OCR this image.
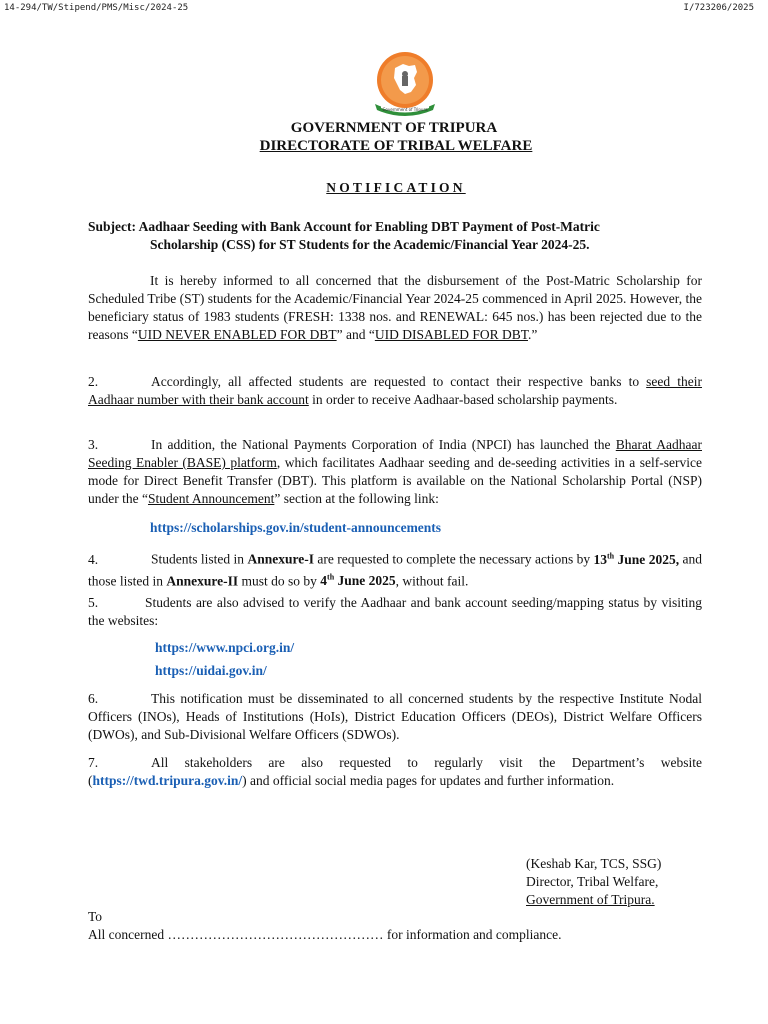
14-294/TW/Stipend/PMS/Misc/2024-25	I/723206/2025
Government of Tripura
GOVERNMENT OF TRIPURA
DIRECTORATE OF TRIBAL WELFARE
NOTIFICATION
Subject: Aadhaar Seeding with Bank Account for Enabling DBT Payment of Post-Matric
Scholarship (CSS) for ST Students for the Academic/Financial Year 2024-25.
It is hereby informed to all concerned that the disbursement of the Post-Matric Scholarship for Scheduled Tribe (ST) students for the Academic/Financial Year 2024-25 commenced in April 2025. However, the beneficiary status of 1983 students (FRESH: 1338 nos. and RENEWAL: 645 nos.) has been rejected due to the reasons “UID NEVER ENABLED FOR DBT” and “UID DISABLED FOR DBT.”
2.	Accordingly, all affected students are requested to contact their respective banks to seed their Aadhaar number with their bank account in order to receive Aadhaar-based scholarship payments.
3.	In addition, the National Payments Corporation of India (NPCI) has launched the Bharat Aadhaar Seeding Enabler (BASE) platform, which facilitates Aadhaar seeding and de-seeding activities in a self-service mode for Direct Benefit Transfer (DBT). This platform is available on the National Scholarship Portal (NSP) under the “Student Announcement” section at the following link:
https://scholarships.gov.in/student-announcements
4.	Students listed in Annexure-I are requested to complete the necessary actions by 13th June 2025, and those listed in Annexure-II must do so by 4th June 2025, without fail.
5.	Students are also advised to verify the Aadhaar and bank account seeding/mapping status by visiting the websites:
https://www.npci.org.in/
https://uidai.gov.in/
6.	This notification must be disseminated to all concerned students by the respective Institute Nodal Officers (INOs), Heads of Institutions (HoIs), District Education Officers (DEOs), District Welfare Officers (DWOs), and Sub-Divisional Welfare Officers (SDWOs).
7.	All stakeholders are also requested to regularly visit the Department’s website (https://twd.tripura.gov.in/) and official social media pages for updates and further information.
(Keshab Kar, TCS, SSG)
Director, Tribal Welfare,
Government of Tripura.
To
All concerned ………………………………………… for information and compliance.
